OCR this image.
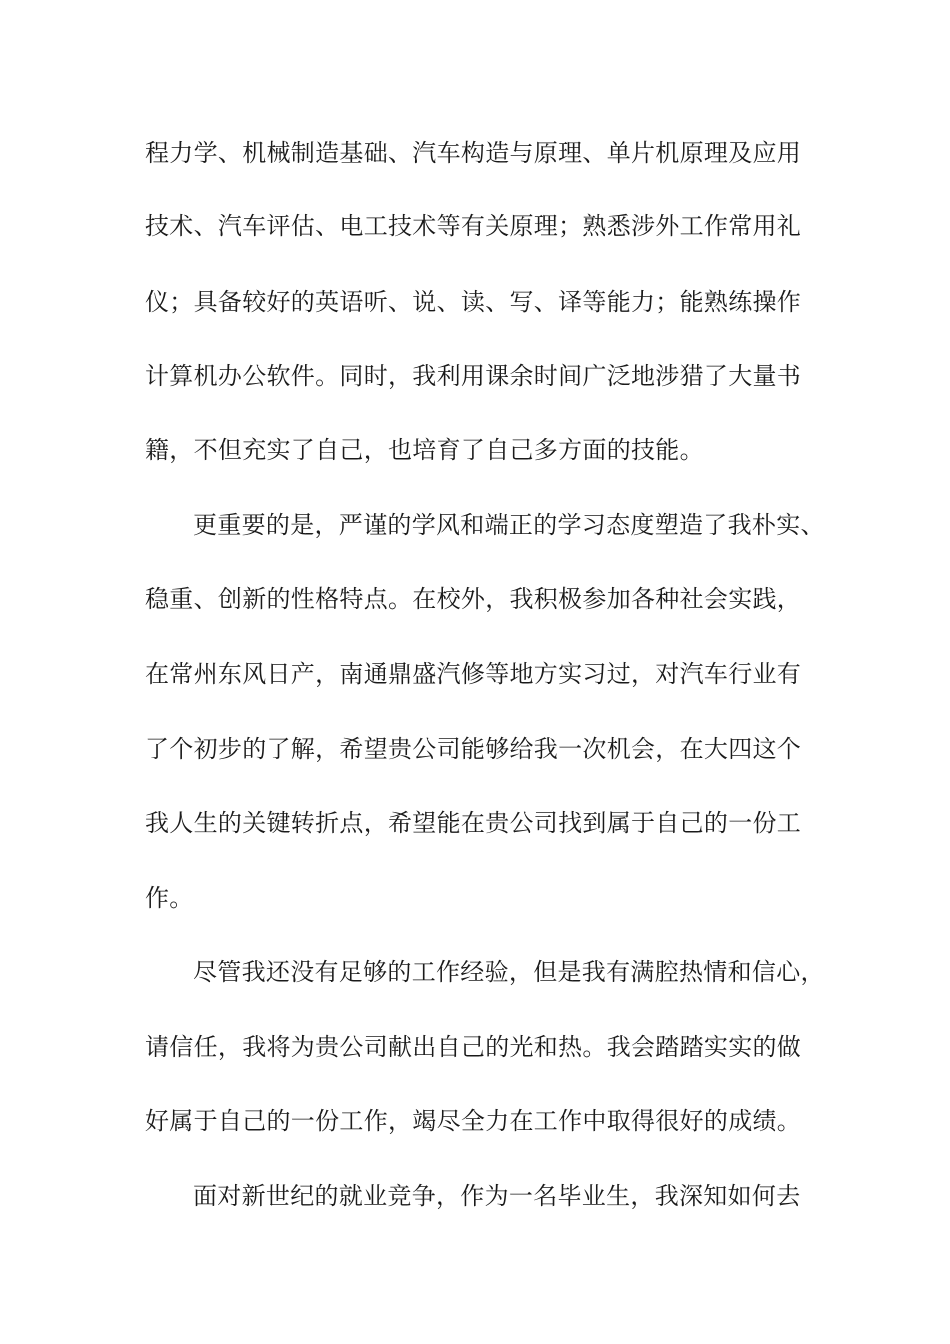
程力学、机械制造基础、汽车构造与原理、单片机原理及应用
技术、汽车评估、电工技术等有关原理；熟悉涉外工作常用礼
仪；具备较好的英语听、说、读、写、译等能力；能熟练操作
计算机办公软件。同时，我利用课余时间广泛地涉猎了大量书
籍，不但充实了自己，也培育了自己多方面的技能。
更重要的是，严谨的学风和端正的学习态度塑造了我朴实、
稳重、创新的性格特点。在校外，我积极参加各种社会实践，
在常州东风日产，南通鼎盛汽修等地方实习过，对汽车行业有
了个初步的了解，希望贵公司能够给我一次机会，在大四这个
我人生的关键转折点，希望能在贵公司找到属于自己的一份工
作。
尽管我还没有足够的工作经验，但是我有满腔热情和信心，
请信任，我将为贵公司献出自己的光和热。我会踏踏实实的做
好属于自己的一份工作，竭尽全力在工作中取得很好的成绩。
面对新世纪的就业竞争，作为一名毕业生，我深知如何去
